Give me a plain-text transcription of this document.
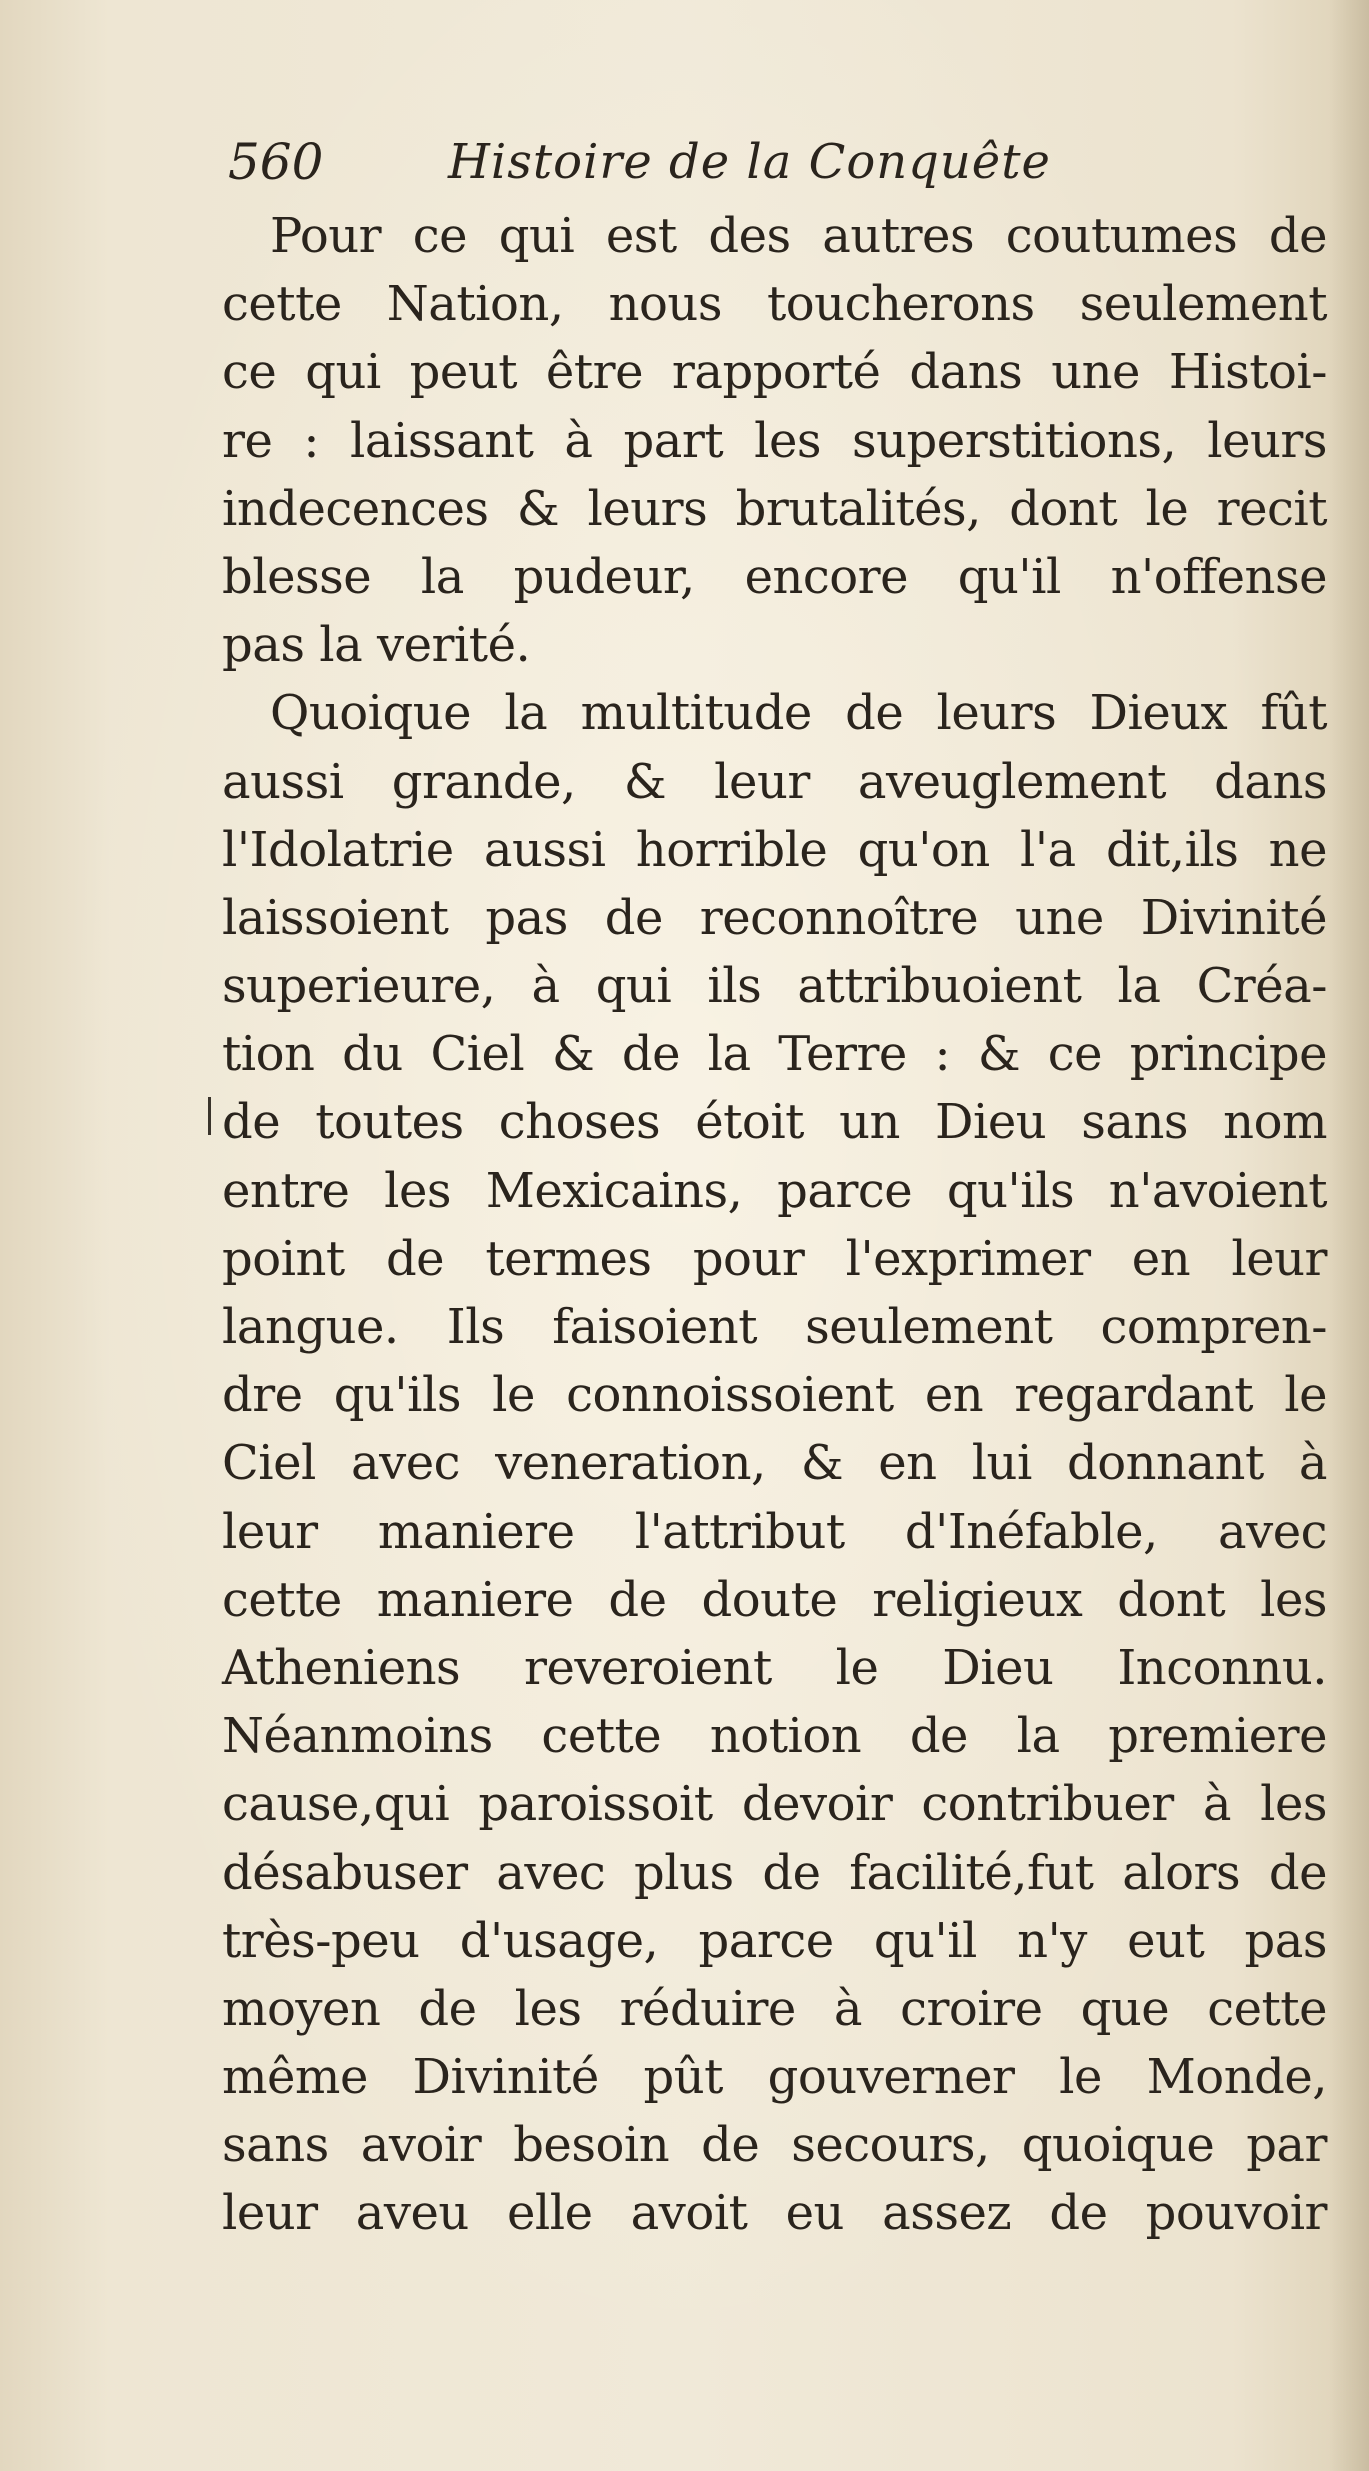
560	Histoire de la Conquête
Pour ce qui est des autres coutumes de
cette Nation, nous toucherons seulement
ce qui peut être rapporté dans une Histoi-
re : laissant à part les superstitions, leurs
indecences & leurs brutalités, dont le recit
blesse la pudeur, encore qu'il n'offense
pas la verité.
Quoique la multitude de leurs Dieux fût
aussi grande, & leur aveuglement dans
l'Idolatrie aussi horrible qu'on l'a dit,ils ne
laissoient pas de reconnoître une Divinité
superieure, à qui ils attribuoient la Créa-
tion du Ciel & de la Terre : & ce principe
de toutes choses étoit un Dieu sans nom
entre les Mexicains, parce qu'ils n'avoient
point de termes pour l'exprimer en leur
langue. Ils faisoient seulement compren-
dre qu'ils le connoissoient en regardant le
Ciel avec veneration, & en lui donnant à
leur maniere l'attribut d'Inéfable, avec
cette maniere de doute religieux dont les
Atheniens reveroient le Dieu Inconnu.
Néanmoins cette notion de la premiere
cause,qui paroissoit devoir contribuer à les
désabuser avec plus de facilité,fut alors de
très-peu d'usage, parce qu'il n'y eut pas
moyen de les réduire à croire que cette
même Divinité pût gouverner le Monde,
sans avoir besoin de secours, quoique par
leur aveu elle avoit eu assez de pouvoir
